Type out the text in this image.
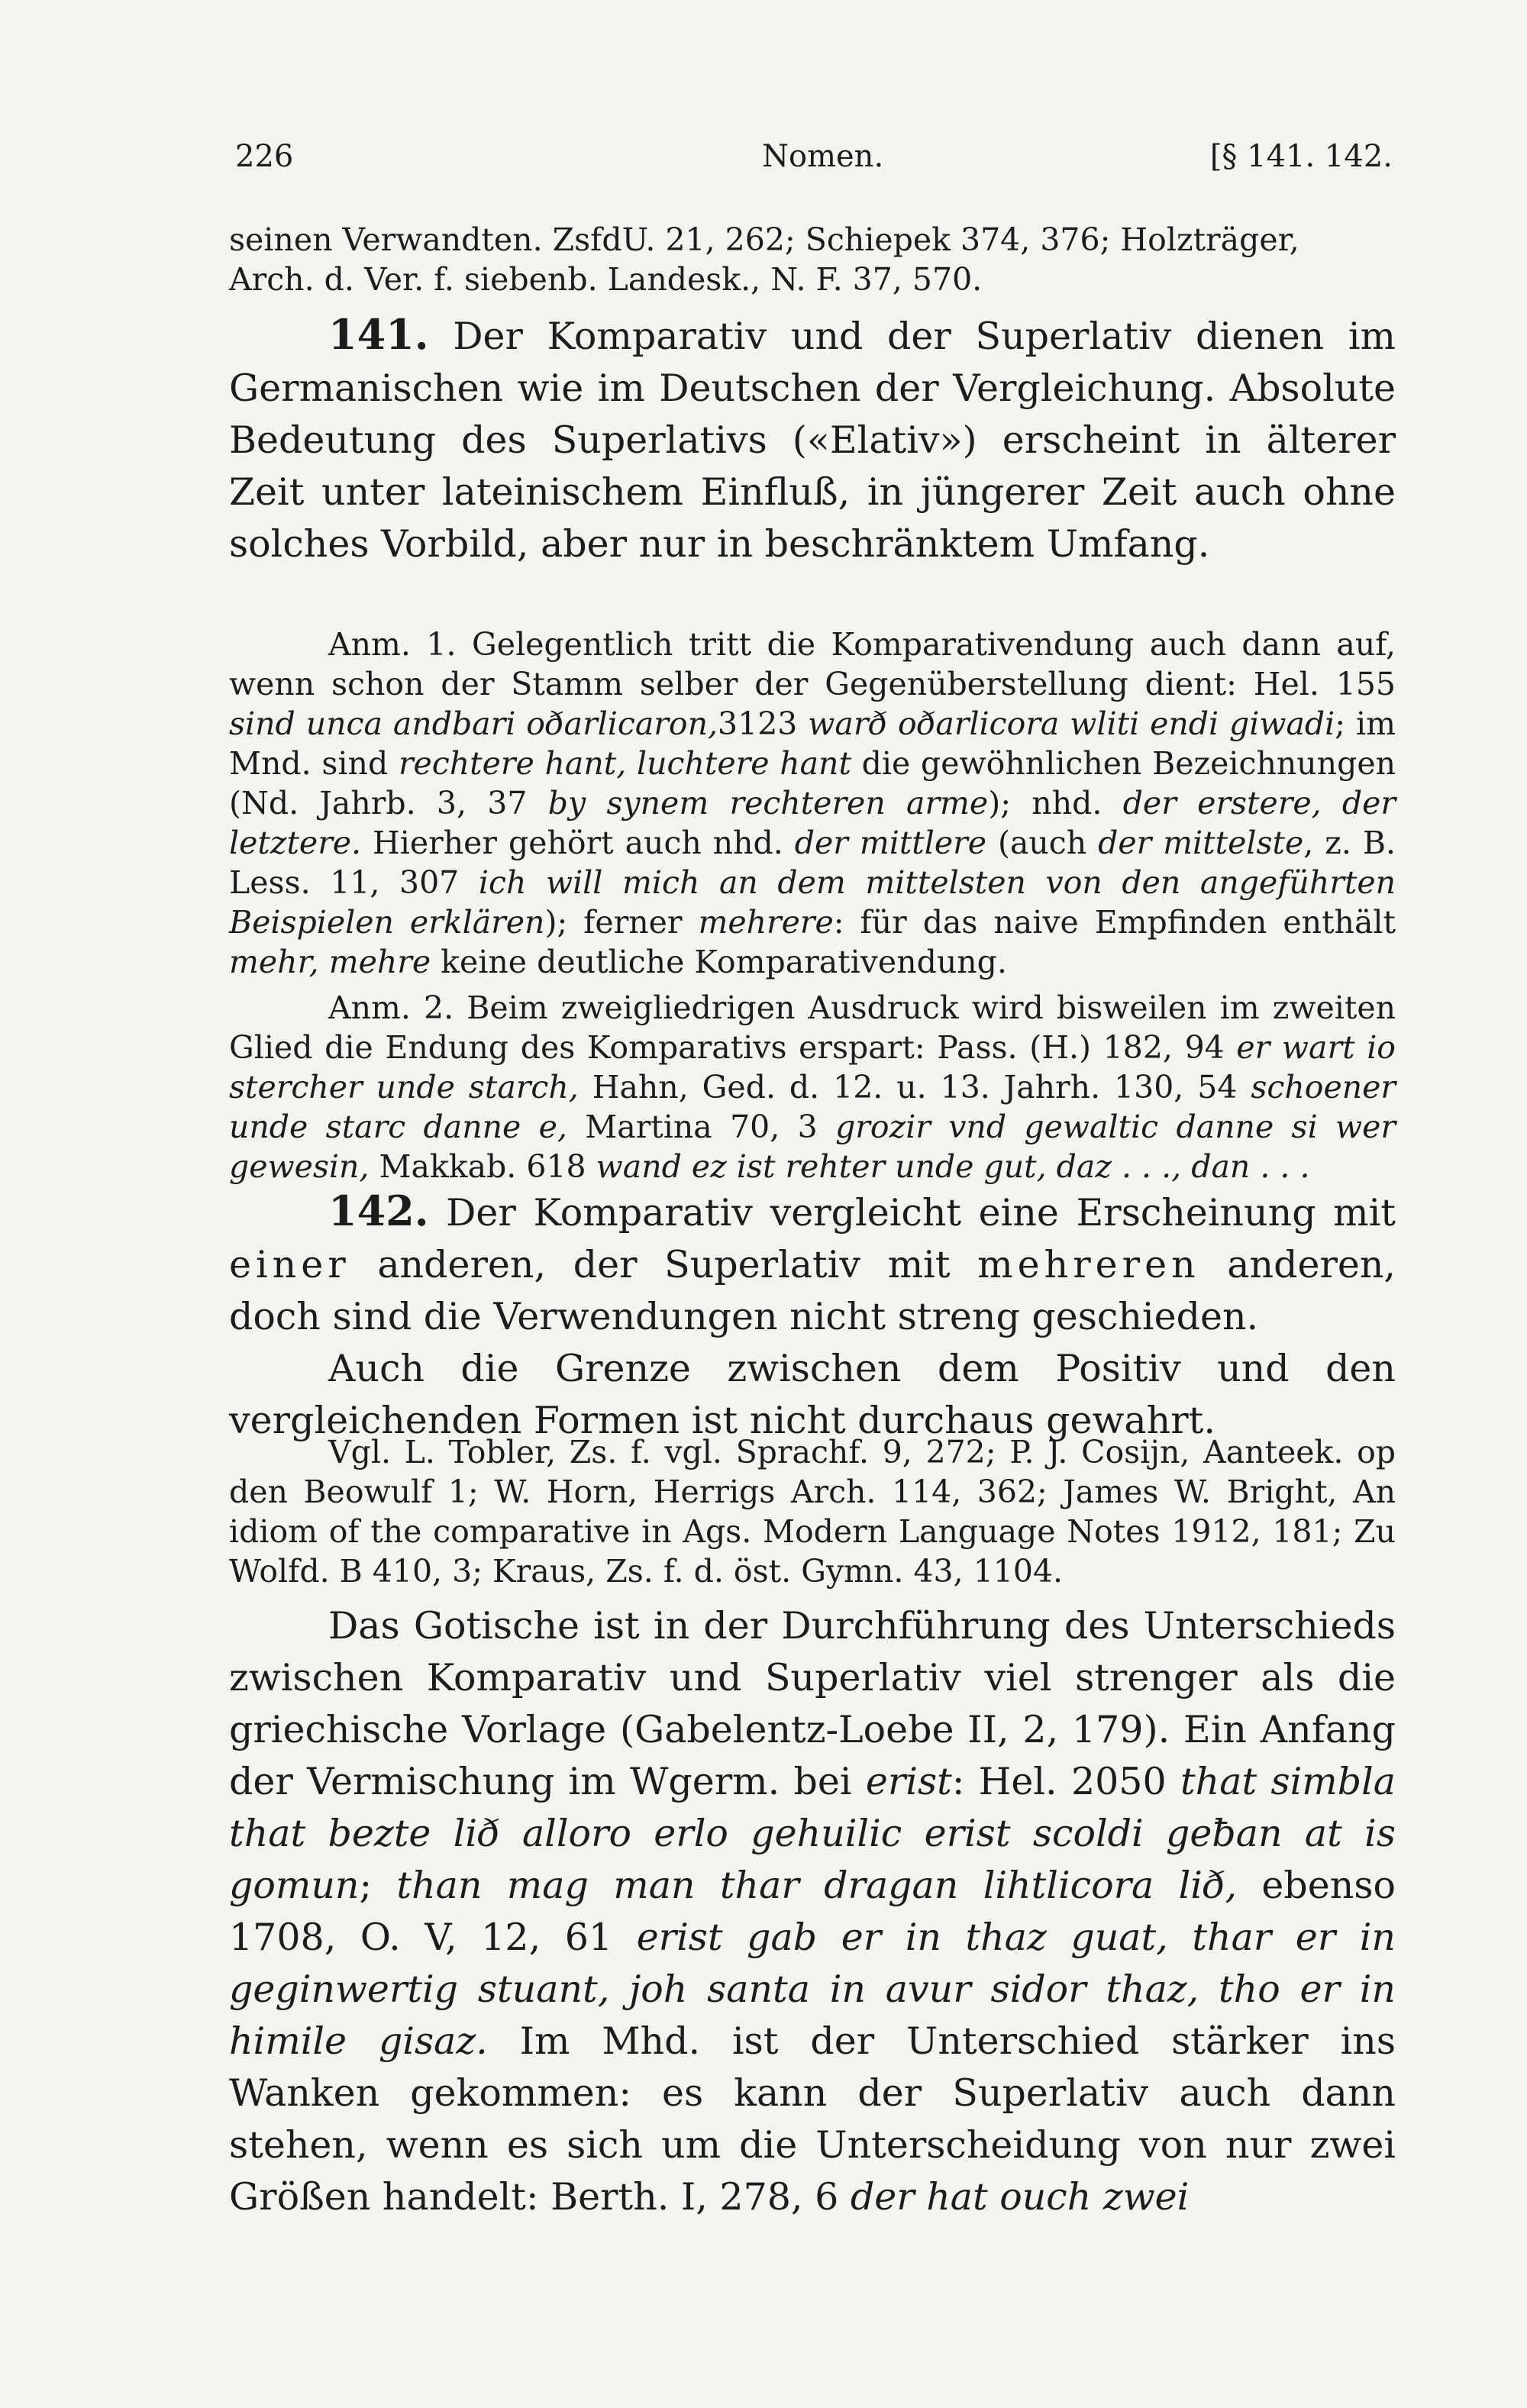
226	Nomen.	[§ 141. 142.
seinen Verwandten. ZsfdU. 21, 262; Schiepek 374, 376; Holzträger,
Arch. d. Ver. f. siebenb. Landesk., N. F. 37, 570.

141. Der Komparativ und der Superlativ dienen im Germanischen wie im Deutschen der Vergleichung. Absolute Bedeutung des Superlativs («Elativ») erscheint in älterer Zeit unter lateinischem Einfluß, in jüngerer Zeit auch ohne solches Vorbild, aber nur in beschränktem Umfang.

Anm. 1. Gelegentlich tritt die Komparativendung auch dann auf, wenn schon der Stamm selber der Gegenüberstellung dient: Hel. 155 sind unca andbari oðarlicaron,3123 warð oðarlicora wliti endi giwadi; im Mnd. sind rechtere hant, luchtere hant die gewöhnlichen Bezeichnungen (Nd. Jahrb. 3, 37 by synem rechteren arme); nhd. der erstere, der letztere. Hierher gehört auch nhd. der mittlere (auch der mittelste, z. B. Less. 11, 307 ich will mich an dem mittelsten von den angeführten Beispielen erklären); ferner mehrere: für das naive Empfinden enthält mehr, mehre keine deutliche Komparativendung.

Anm. 2. Beim zweigliedrigen Ausdruck wird bisweilen im zweiten Glied die Endung des Komparativs erspart: Pass. (H.) 182, 94 er wart io stercher unde starch, Hahn, Ged. d. 12. u. 13. Jahrh. 130, 54 schoener unde starc danne e, Martina 70, 3 grozir vnd gewaltic danne si wer gewesin, Makkab. 618 wand ez ist rehter unde gut, daz . . ., dan . . .

142. Der Komparativ vergleicht eine Erscheinung mit einer anderen, der Superlativ mit mehreren anderen, doch sind die Verwendungen nicht streng geschieden.

Auch die Grenze zwischen dem Positiv und den vergleichenden Formen ist nicht durchaus gewahrt.

Vgl. L. Tobler, Zs. f. vgl. Sprachf. 9, 272; P. J. Cosijn, Aanteek. op den Beowulf 1; W. Horn, Herrigs Arch. 114, 362; James W. Bright, An idiom of the comparative in Ags. Modern Language Notes 1912, 181; Zu Wolfd. B 410, 3; Kraus, Zs. f. d. öst. Gymn. 43, 1104.

Das Gotische ist in der Durchführung des Unterschieds zwischen Komparativ und Superlativ viel strenger als die griechische Vorlage (Gabelentz-Loebe II, 2, 179). Ein Anfang der Vermischung im Wgerm. bei erist: Hel. 2050 that simbla that bezte lið alloro erlo gehuilic erist scoldi geƀan at is gomun; than mag man thar dragan lihtlicora lið, ebenso 1708, O. V, 12, 61 erist gab er in thaz guat, thar er in geginwertig stuant, joh santa in avur sidor thaz, tho er in himile gisaz. Im Mhd. ist der Unterschied stärker ins Wanken gekommen: es kann der Superlativ auch dann stehen, wenn es sich um die Unterscheidung von nur zwei Größen handelt: Berth. I, 278, 6 der hat ouch zwei
